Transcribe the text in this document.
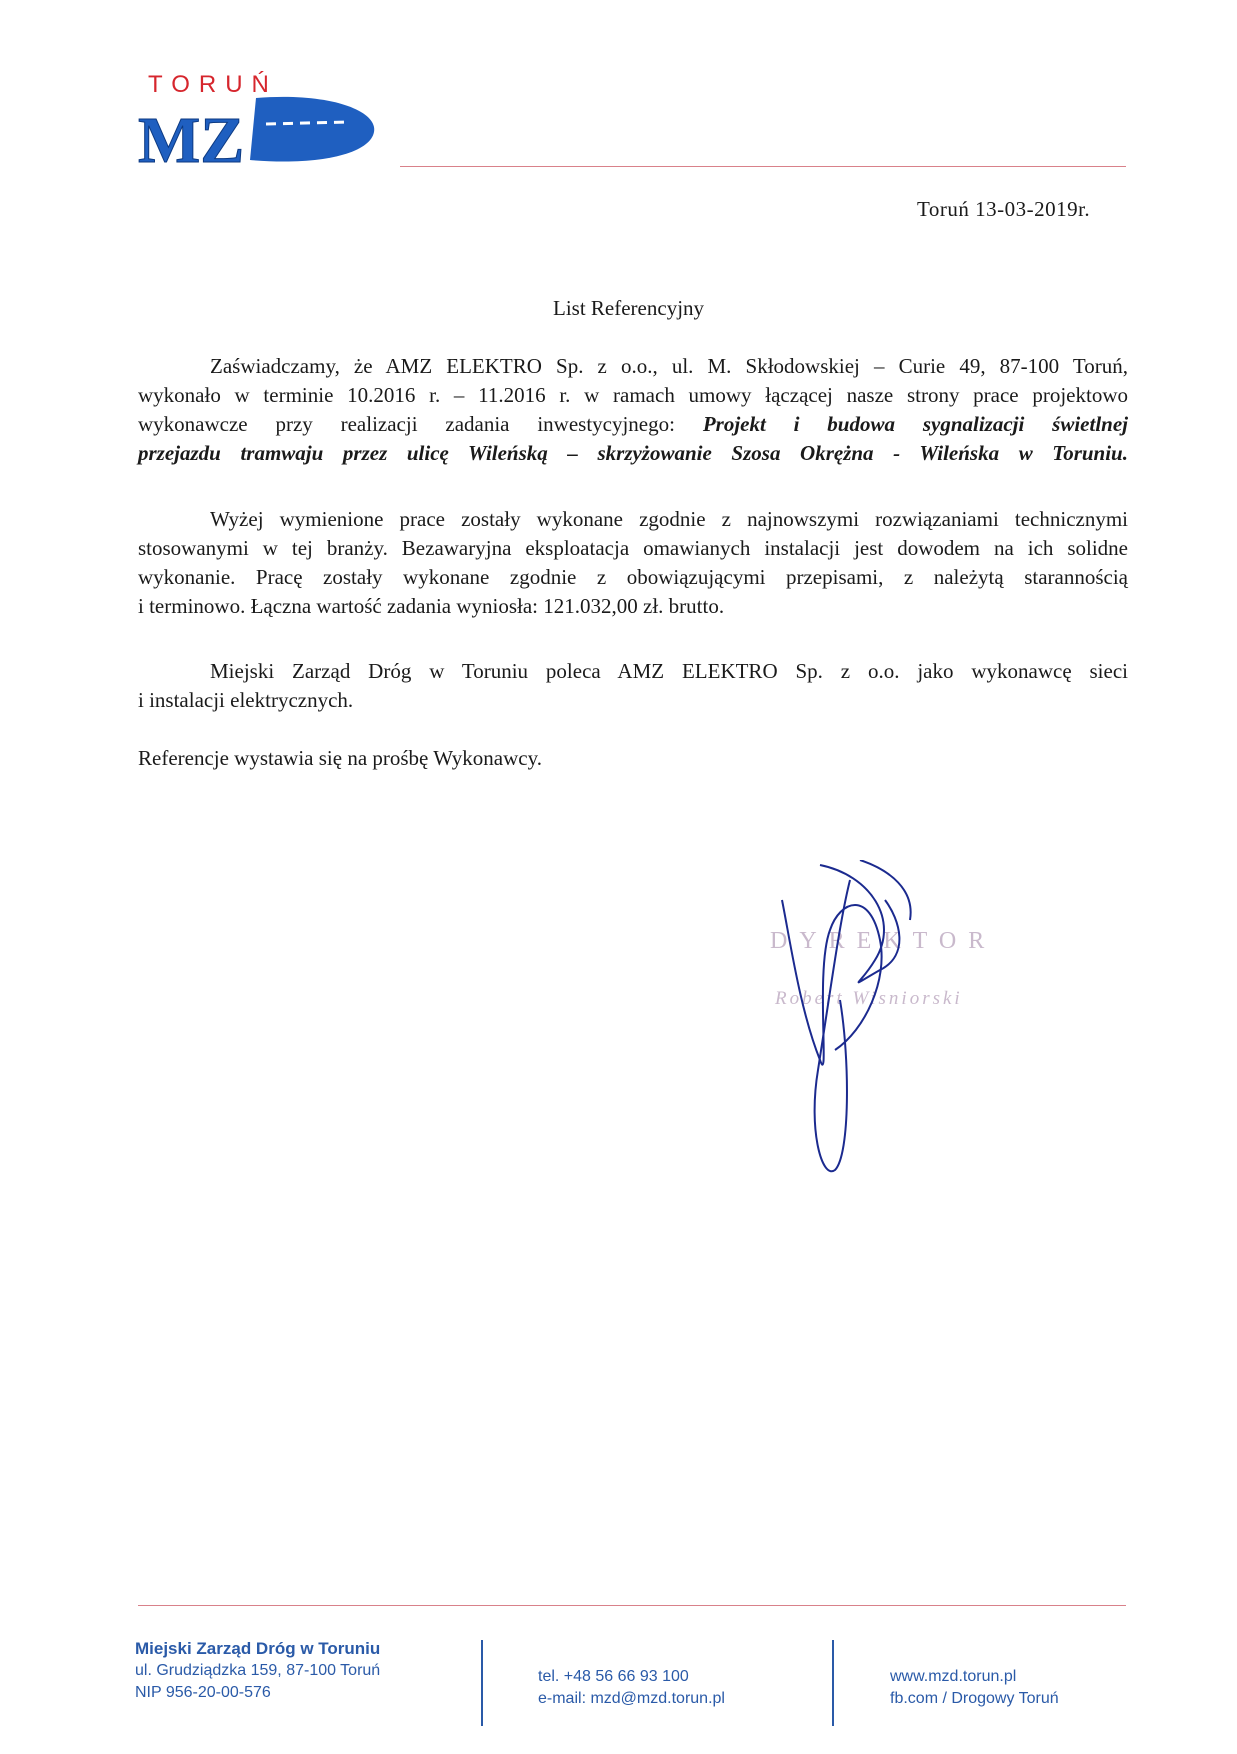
TORUŃ
MZ
Toruń 13-03-2019r.
List Referencyjny
Zaświadczamy, że AMZ ELEKTRO Sp. z o.o., ul. M. Skłodowskiej – Curie 49, 87-100 Toruń,
wykonało w terminie 10.2016 r. – 11.2016 r. w ramach umowy łączącej nasze strony prace projektowo
wykonawcze przy realizacji zadania inwestycyjnego: Projekt i budowa sygnalizacji świetlnej
przejazdu tramwaju przez ulicę Wileńską – skrzyżowanie Szosa Okrężna - Wileńska w Toruniu.
Wyżej wymienione prace zostały wykonane zgodnie z najnowszymi rozwiązaniami technicznymi
stosowanymi w tej branży. Bezawaryjna eksploatacja omawianych instalacji jest dowodem na ich solidne
wykonanie. Pracę zostały wykonane zgodnie z obowiązującymi przepisami, z należytą starannością
i terminowo. Łączna wartość zadania wyniosła: 121.032,00 zł. brutto.
Miejski Zarząd Dróg w Toruniu poleca AMZ ELEKTRO Sp. z o.o. jako wykonawcę sieci
i instalacji elektrycznych.
Referencje wystawia się na prośbę Wykonawcy.
DYREKTOR
Robert Wisniorski
Miejski Zarząd Dróg w Toruniu
ul. Grudziądzka 159, 87-100 Toruń
NIP 956-20-00-576
tel. +48 56 66 93 100
e-mail: mzd@mzd.torun.pl
www.mzd.torun.pl
fb.com / Drogowy Toruń
